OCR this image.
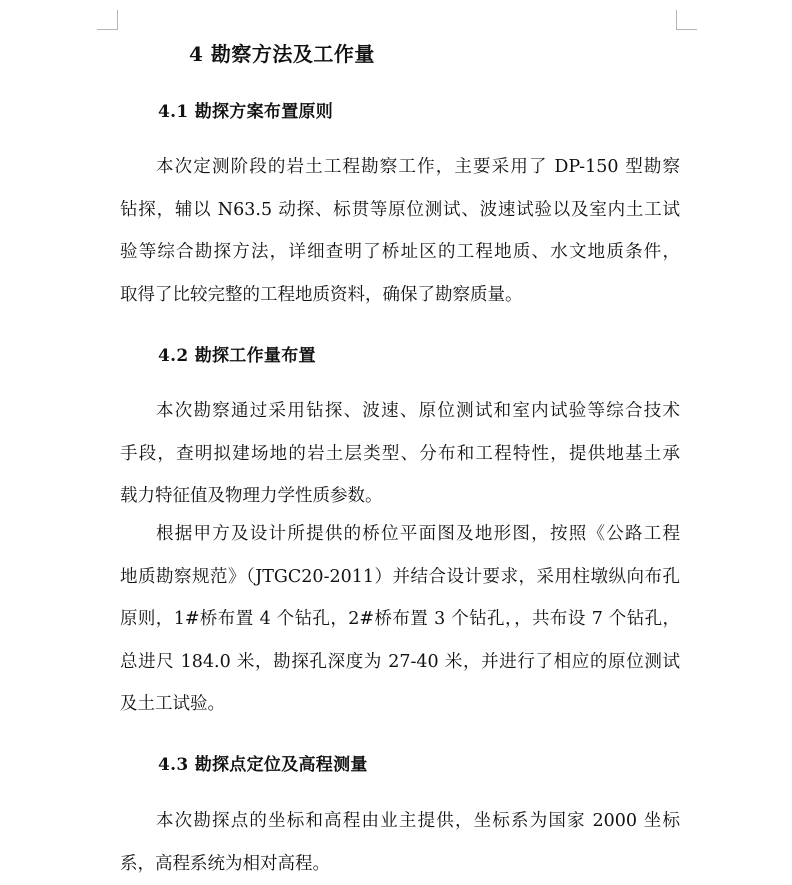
4 勘察方法及工作量
4.1 勘探方案布置原则
本次定测阶段的岩土工程勘察工作，主要采用了 DP-150 型勘察
钻探，辅以 N63.5 动探、标贯等原位测试、波速试验以及室内土工试
验等综合勘探方法，详细查明了桥址区的工程地质、水文地质条件，
取得了比较完整的工程地质资料，确保了勘察质量。
4.2 勘探工作量布置
本次勘察通过采用钻探、波速、原位测试和室内试验等综合技术
手段，查明拟建场地的岩土层类型、分布和工程特性，提供地基土承
载力特征值及物理力学性质参数。
根据甲方及设计所提供的桥位平面图及地形图，按照《公路工程
地质勘察规范》（JTGC20-2011）并结合设计要求，采用柱墩纵向布孔
原则，1#桥布置 4 个钻孔，2#桥布置 3 个钻孔，，共布设 7 个钻孔，
总进尺 184.0 米，勘探孔深度为 27-40 米，并进行了相应的原位测试
及土工试验。
4.3 勘探点定位及高程测量
本次勘探点的坐标和高程由业主提供，坐标系为国家 2000 坐标
系，高程系统为相对高程。
